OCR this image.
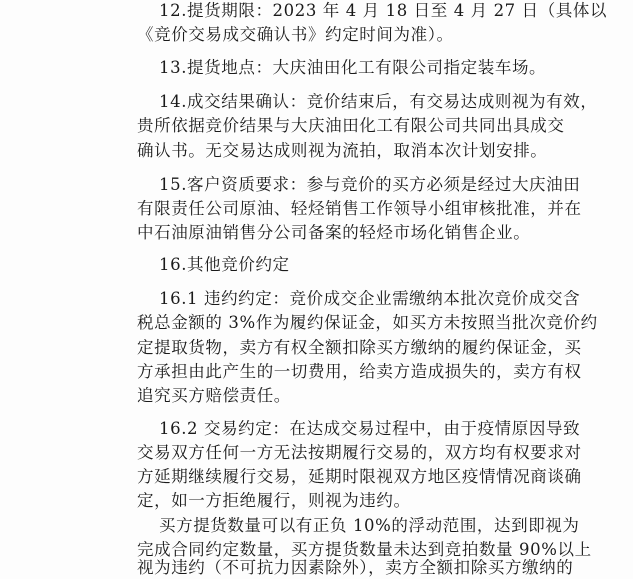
12.提货期限：2023 年 4 月 18 日至 4 月 27 日（具体以
《竞价交易成交确认书》约定时间为准）。
13.提货地点：大庆油田化工有限公司指定装车场。
14.成交结果确认：竞价结束后，有交易达成则视为有效，
贵所依据竞价结果与大庆油田化工有限公司共同出具成交
确认书。无交易达成则视为流拍，取消本次计划安排。
15.客户资质要求：参与竞价的买方必须是经过大庆油田
有限责任公司原油、轻烃销售工作领导小组审核批准，并在
中石油原油销售分公司备案的轻烃市场化销售企业。
16.其他竞价约定
16.1 违约约定：竞价成交企业需缴纳本批次竞价成交含
税总金额的 3%作为履约保证金，如买方未按照当批次竞价约
定提取货物，卖方有权全额扣除买方缴纳的履约保证金，买
方承担由此产生的一切费用，给卖方造成损失的，卖方有权
追究买方赔偿责任。
16.2 交易约定：在达成交易过程中，由于疫情原因导致
交易双方任何一方无法按期履行交易的，双方均有权要求对
方延期继续履行交易，延期时限视双方地区疫情情况商谈确
定，如一方拒绝履行，则视为违约。
买方提货数量可以有正负 10%的浮动范围，达到即视为
完成合同约定数量，买方提货数量未达到竞拍数量 90%以上
视为违约（不可抗力因素除外），卖方全额扣除买方缴纳的
